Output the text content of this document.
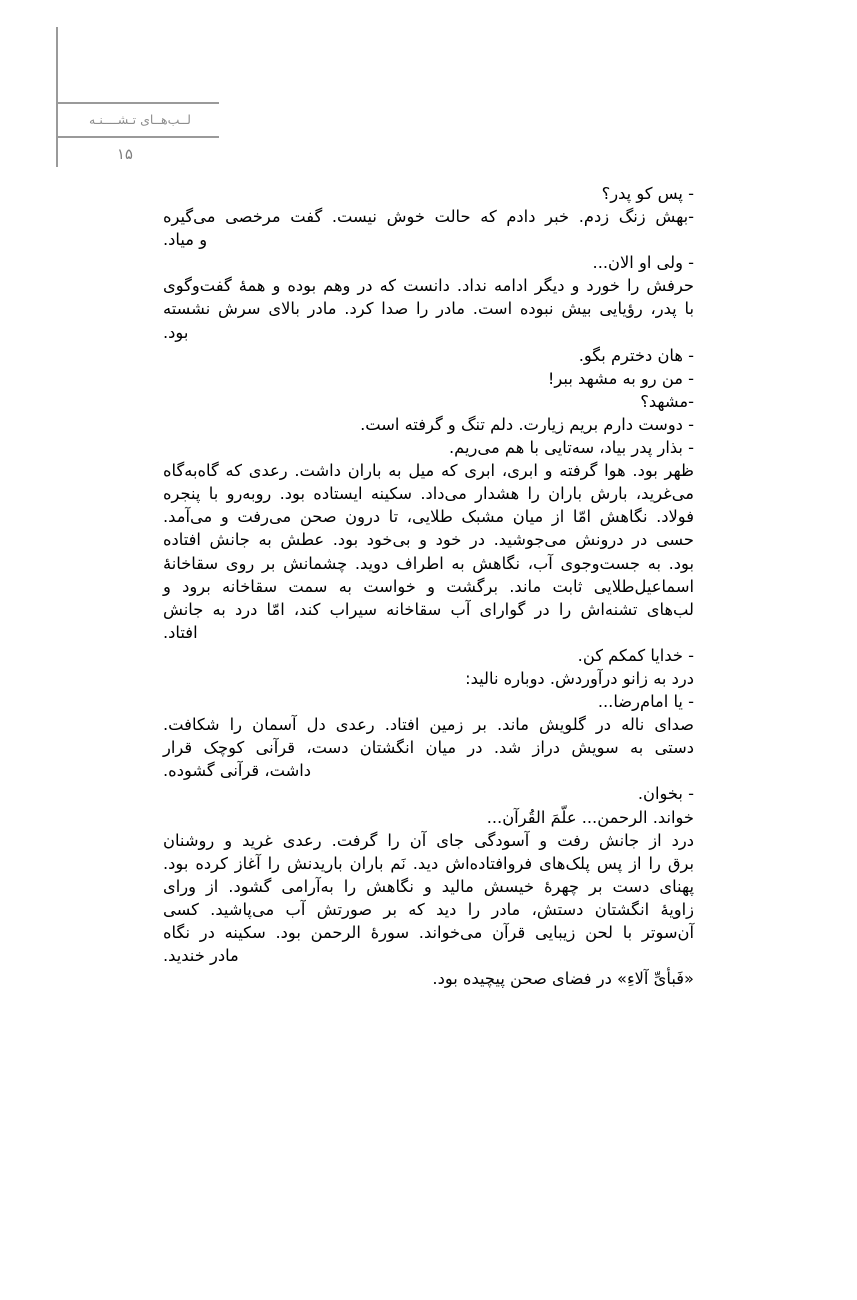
لــب‌هــای تـشــــنـه
۱۵

- پس کو پدر؟

-بهش زنگ زدم. خبر دادم که حالت خوش نیست. گفت مرخصی می‌گیره

و میاد.

- ولی او الان...

حرفش را خورد و دیگر ادامه نداد. دانست که در وهم بوده و همهٔ گفت‌وگوی

با پدر، رؤیایی بیش نبوده است. مادر را صدا کرد. مادر بالای سرش نشسته

بود.

- هان دخترم بگو.

- من رو به مشهد ببر!

-مشهد؟

- دوست دارم بریم زیارت. دلم تنگ و گرفته است.

- بذار پدر بیاد، سه‌تایی با هم می‌ریم.

ظهر بود. هوا گرفته و ابری، ابری که میل به باران داشت. رعدی که گاه‌به‌گاه

می‌غرید، بارش باران را هشدار می‌داد. سکینه ایستاده بود. روبه‌رو با پنجره

فولاد. نگاهش امّا از میان مشبک طلایی، تا درون صحن می‌رفت و می‌آمد.

حسی در درونش می‌جوشید. در خود و بی‌خود بود. عطش به جانش افتاده

بود. به جست‌وجوی آب، نگاهش به اطراف دوید. چشمانش بر روی سقاخانهٔ

اسماعیل‌طلایی ثابت ماند. برگشت و خواست به سمت سقاخانه برود و

لب‌های تشنه‌اش را در گوارای آب سقاخانه سیراب کند، امّا درد به جانش

افتاد.

- خدایا کمکم کن.

درد به زانو درآوردش. دوباره نالید:

- یا امام‌رضا...

صدای ناله در گلویش ماند. بر زمین افتاد. رعدی دل آسمان را شکافت.

دستی به سویش دراز شد. در میان انگشتان دست، قرآنی کوچک قرار

داشت، قرآنی گشوده.

- بخوان.

خواند. الرحمن... علّمَ القُرآن...

درد از جانش رفت و آسودگی جای آن را گرفت. رعدی غرید و روشنان

برق را از پس پلک‌های فروافتاده‌اش دید. نَم باران باریدنش را آغاز کرده بود.

پهنای دست بر چهرهٔ خیسش مالید و نگاهش را به‌آرامی گشود. از ورای

زاویهٔ انگشتان دستش، مادر را دید که بر صورتش آب می‌پاشید. کسی

آن‌سوتر با لحن زیبایی قرآن می‌خواند. سورهٔ الرحمن بود. سکینه در نگاه

مادر خندید.

«فَبأیِّ آلاءِ» در فضای صحن پیچیده بود.
